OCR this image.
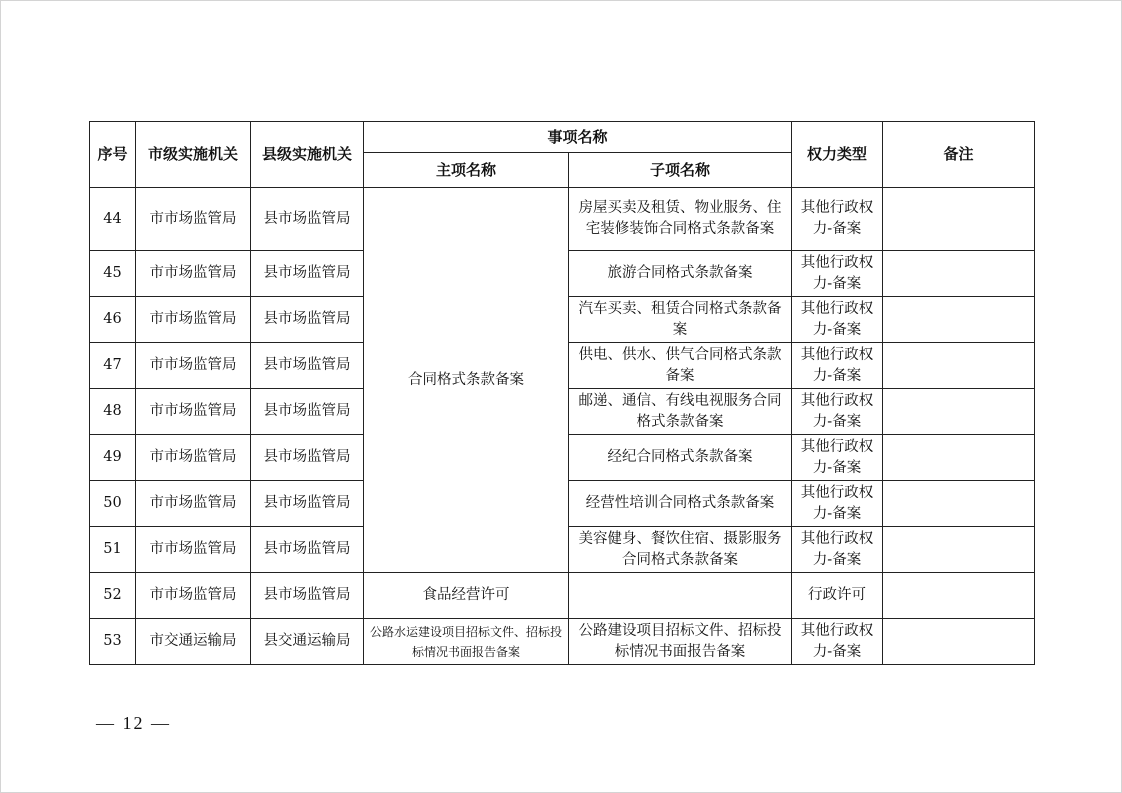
序号	市级实施机关	县级实施机关	事项名称		权力类型	备注
			主项名称	子项名称		
44	市市场监管局	县市场监管局	合同格式条款备案	房屋买卖及租赁、物业服务、住宅装修装饰合同格式条款备案	其他行政权力-备案	
45	市市场监管局	县市场监管局		旅游合同格式条款备案	其他行政权力-备案	
46	市市场监管局	县市场监管局		汽车买卖、租赁合同格式条款备案	其他行政权力-备案	
47	市市场监管局	县市场监管局		供电、供水、供气合同格式条款备案	其他行政权力-备案	
48	市市场监管局	县市场监管局		邮递、通信、有线电视服务合同格式条款备案	其他行政权力-备案	
49	市市场监管局	县市场监管局		经纪合同格式条款备案	其他行政权力-备案	
50	市市场监管局	县市场监管局		经营性培训合同格式条款备案	其他行政权力-备案	
51	市市场监管局	县市场监管局		美容健身、餐饮住宿、摄影服务合同格式条款备案	其他行政权力-备案	
52	市市场监管局	县市场监管局	食品经营许可		行政许可	
53	市交通运输局	县交通运输局	公路水运建设项目招标文件、招标投标情况书面报告备案	公路建设项目招标文件、招标投标情况书面报告备案	其他行政权力-备案	
— 12 —
